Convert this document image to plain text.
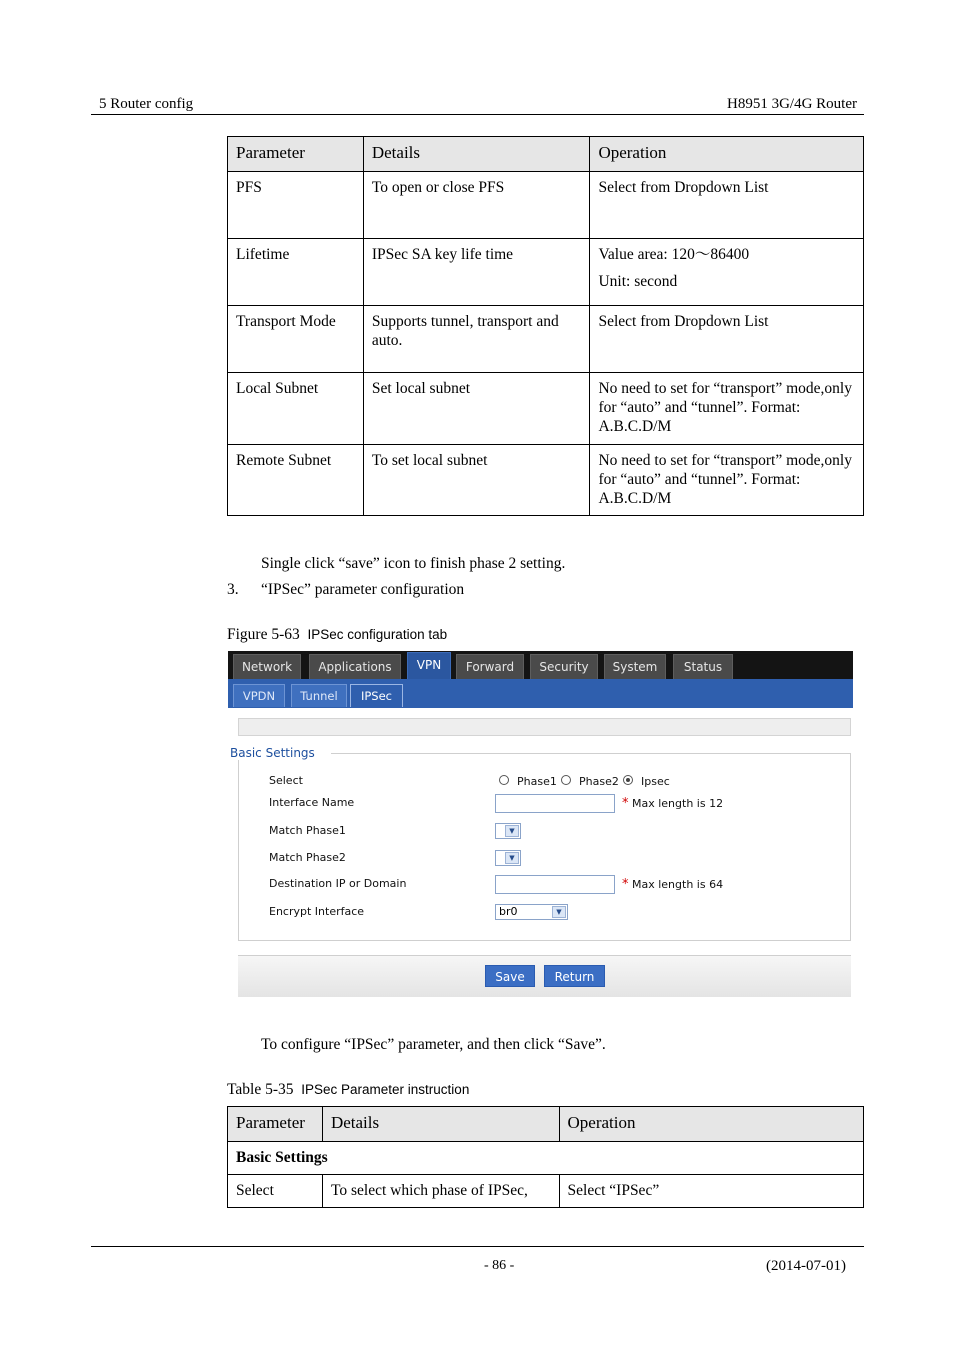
5 Router config	H8951 3G/4G Router
Parameter	Details	Operation
PFS	To open or close PFS	Select from Dropdown List

Lifetime	IPSec SA key life time	Value area: 120～86400
Unit: second

Transport Mode	Supports tunnel, transport and auto.	Select from Dropdown List

Local Subnet	Set local subnet	No need to set for “transport” mode,only for “auto” and “tunnel”. Format: A.B.C.D/M

Remote Subnet	To set local subnet	No need to set for “transport” mode,only for “auto” and “tunnel”. Format: A.B.C.D/M
Single click “save” icon to finish phase 2 setting.
3. “IPSec” parameter configuration
Figure 5-63 IPSec configuration tab
Network	Applications	VPN	Forward	Security	System	Status
VPDN	Tunnel	IPSec
Basic Settings
Select	Phase1 Phase2 Ipsec
Interface Name	* Max length is 12
Match Phase1	▼
Match Phase2	▼
Destination IP or Domain	* Max length is 64
Encrypt Interface	br0	▼
Save	Return
To configure “IPSec” parameter, and then click “Save”.
Table 5-35 IPSec Parameter instruction
Parameter	Details	Operation
Basic Settings		
Select	To select which phase of IPSec,	Select “IPSec”
- 86 -	(2014-07-01)
